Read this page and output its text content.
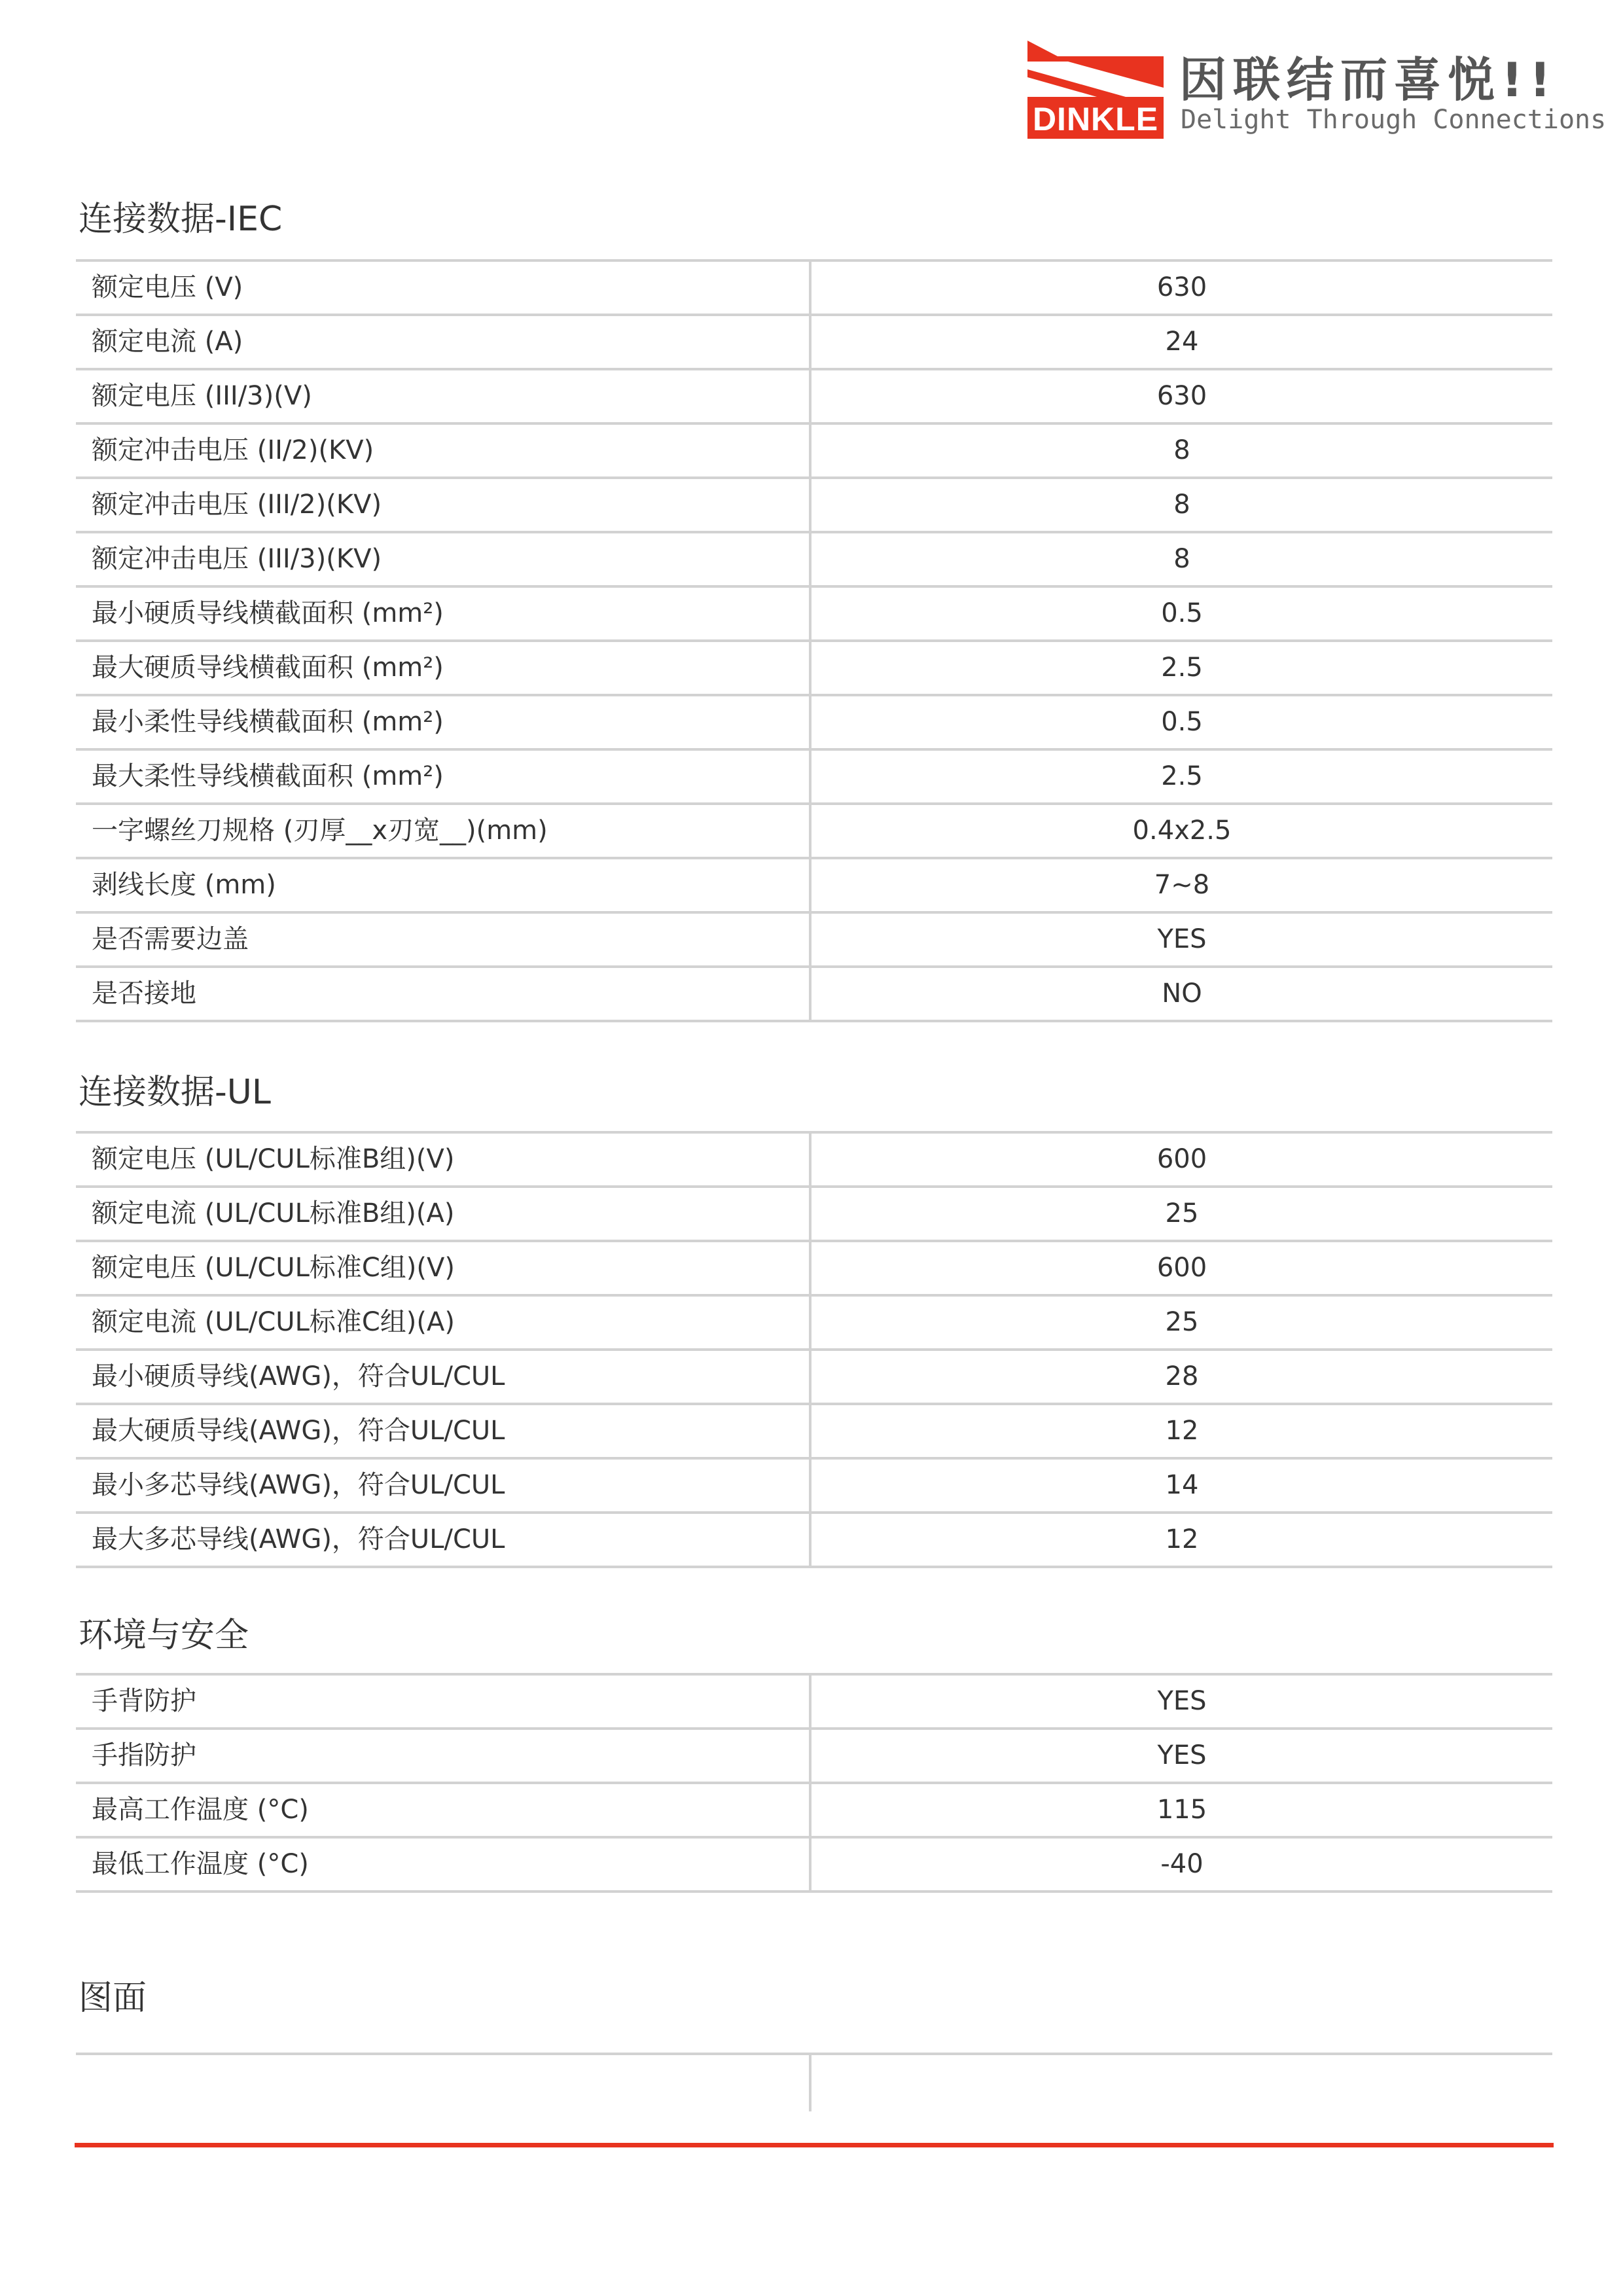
DINKLE
因联结而喜悦!!
Delight Through Connections
连接数据-IEC
额定电压 (V)	630
额定电流 (A)	24
额定电压 (III/3)(V)	630
额定冲击电压 (II/2)(KV)	8
额定冲击电压 (III/2)(KV)	8
额定冲击电压 (III/3)(KV)	8
最小硬质导线横截面积 (mm²)	0.5
最大硬质导线横截面积 (mm²)	2.5
最小柔性导线横截面积 (mm²)	0.5
最大柔性导线横截面积 (mm²)	2.5
一字螺丝刀规格 (刃厚__x刃宽__)(mm)	0.4x2.5
剥线长度 (mm)	7~8
是否需要边盖	YES
是否接地	NO
连接数据-UL
额定电压 (UL/CUL标准B组)(V)	600
额定电流 (UL/CUL标准B组)(A)	25
额定电压 (UL/CUL标准C组)(V)	600
额定电流 (UL/CUL标准C组)(A)	25
最小硬质导线(AWG)，符合UL/CUL	28
最大硬质导线(AWG)，符合UL/CUL	12
最小多芯导线(AWG)，符合UL/CUL	14
最大多芯导线(AWG)，符合UL/CUL	12
环境与安全
手背防护	YES
手指防护	YES
最高工作温度 (°C)	115
最低工作温度 (°C)	-40
图面
